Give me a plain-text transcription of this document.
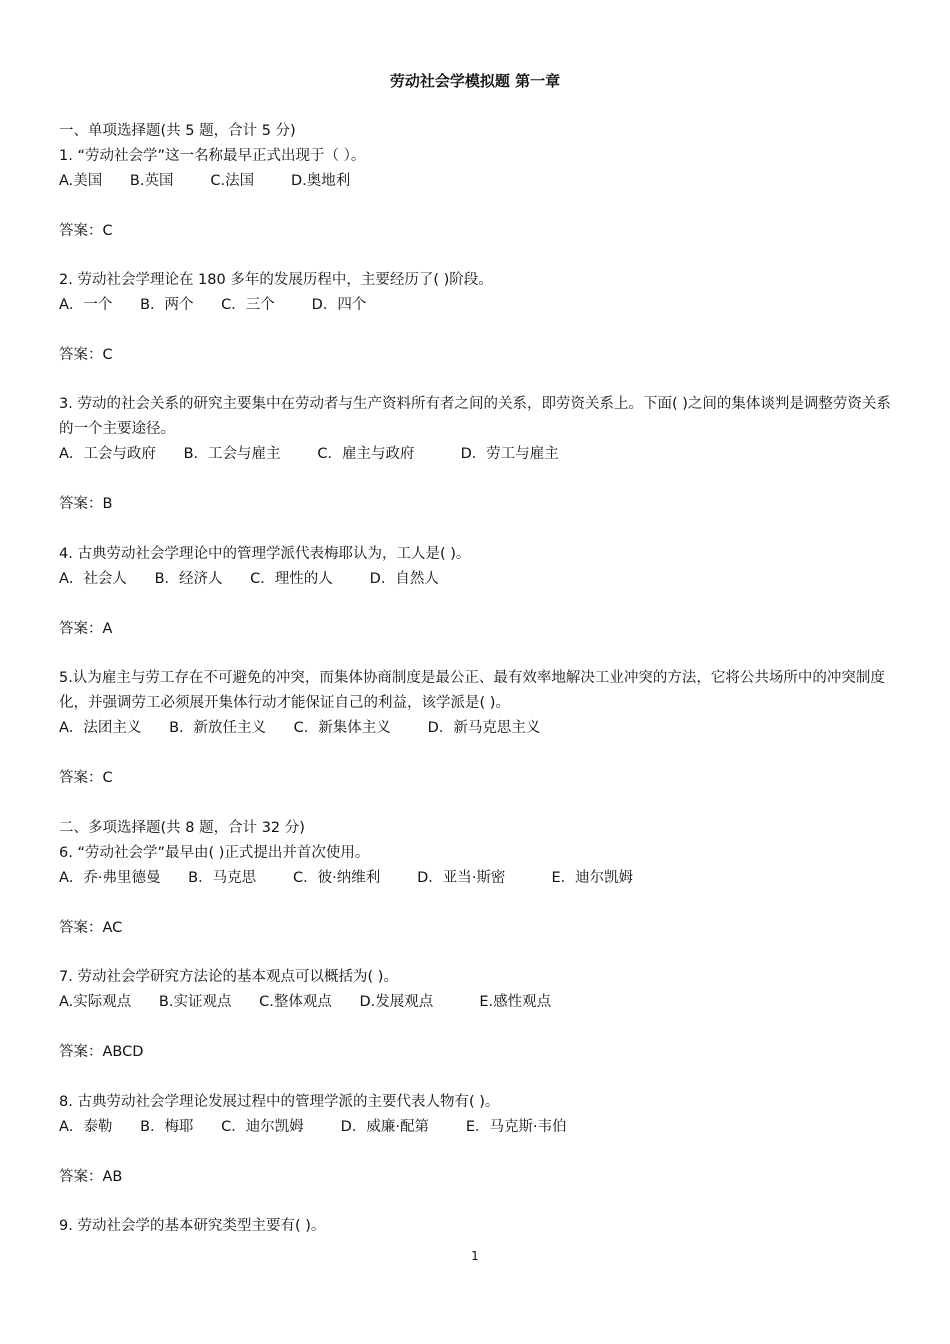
劳动社会学模拟题 第一章
一、单项选择题(共 5 题，合计 5 分)
1. “劳动社会学”这一名称最早正式出现于（ ）。
A.美国      B.英国        C.法国        D.奥地利
答案：C
2. 劳动社会学理论在 180 多年的发展历程中，主要经历了( )阶段。
A．一个      B．两个      C．三个        D．四个
答案：C
3. 劳动的社会关系的研究主要集中在劳动者与生产资料所有者之间的关系，即劳资关系上。下面( )之间的集体谈判是调整劳资关系的一个主要途径。
A．工会与政府      B．工会与雇主        C．雇主与政府          D．劳工与雇主
答案：B
4. 古典劳动社会学理论中的管理学派代表梅耶认为，工人是( )。
A．社会人      B．经济人      C．理性的人        D．自然人
答案：A
5.认为雇主与劳工存在不可避免的冲突，而集体协商制度是最公正、最有效率地解决工业冲突的方法，它将公共场所中的冲突制度化，并强调劳工必须展开集体行动才能保证自己的利益，该学派是( )。
A．法团主义      B．新放任主义      C．新集体主义        D．新马克思主义
答案：C
二、多项选择题(共 8 题，合计 32 分)
6. “劳动社会学”最早由( )正式提出并首次使用。
A．乔·弗里德曼      B．马克思        C．彼·纳维利        D．亚当·斯密          E．迪尔凯姆
答案：AC
7. 劳动社会学研究方法论的基本观点可以概括为( )。
A.实际观点      B.实证观点      C.整体观点      D.发展观点          E.感性观点
答案：ABCD
8. 古典劳动社会学理论发展过程中的管理学派的主要代表人物有( )。
A．泰勒      B．梅耶      C．迪尔凯姆        D．威廉·配第        E．马克斯·韦伯
答案：AB
9. 劳动社会学的基本研究类型主要有( )。
1
